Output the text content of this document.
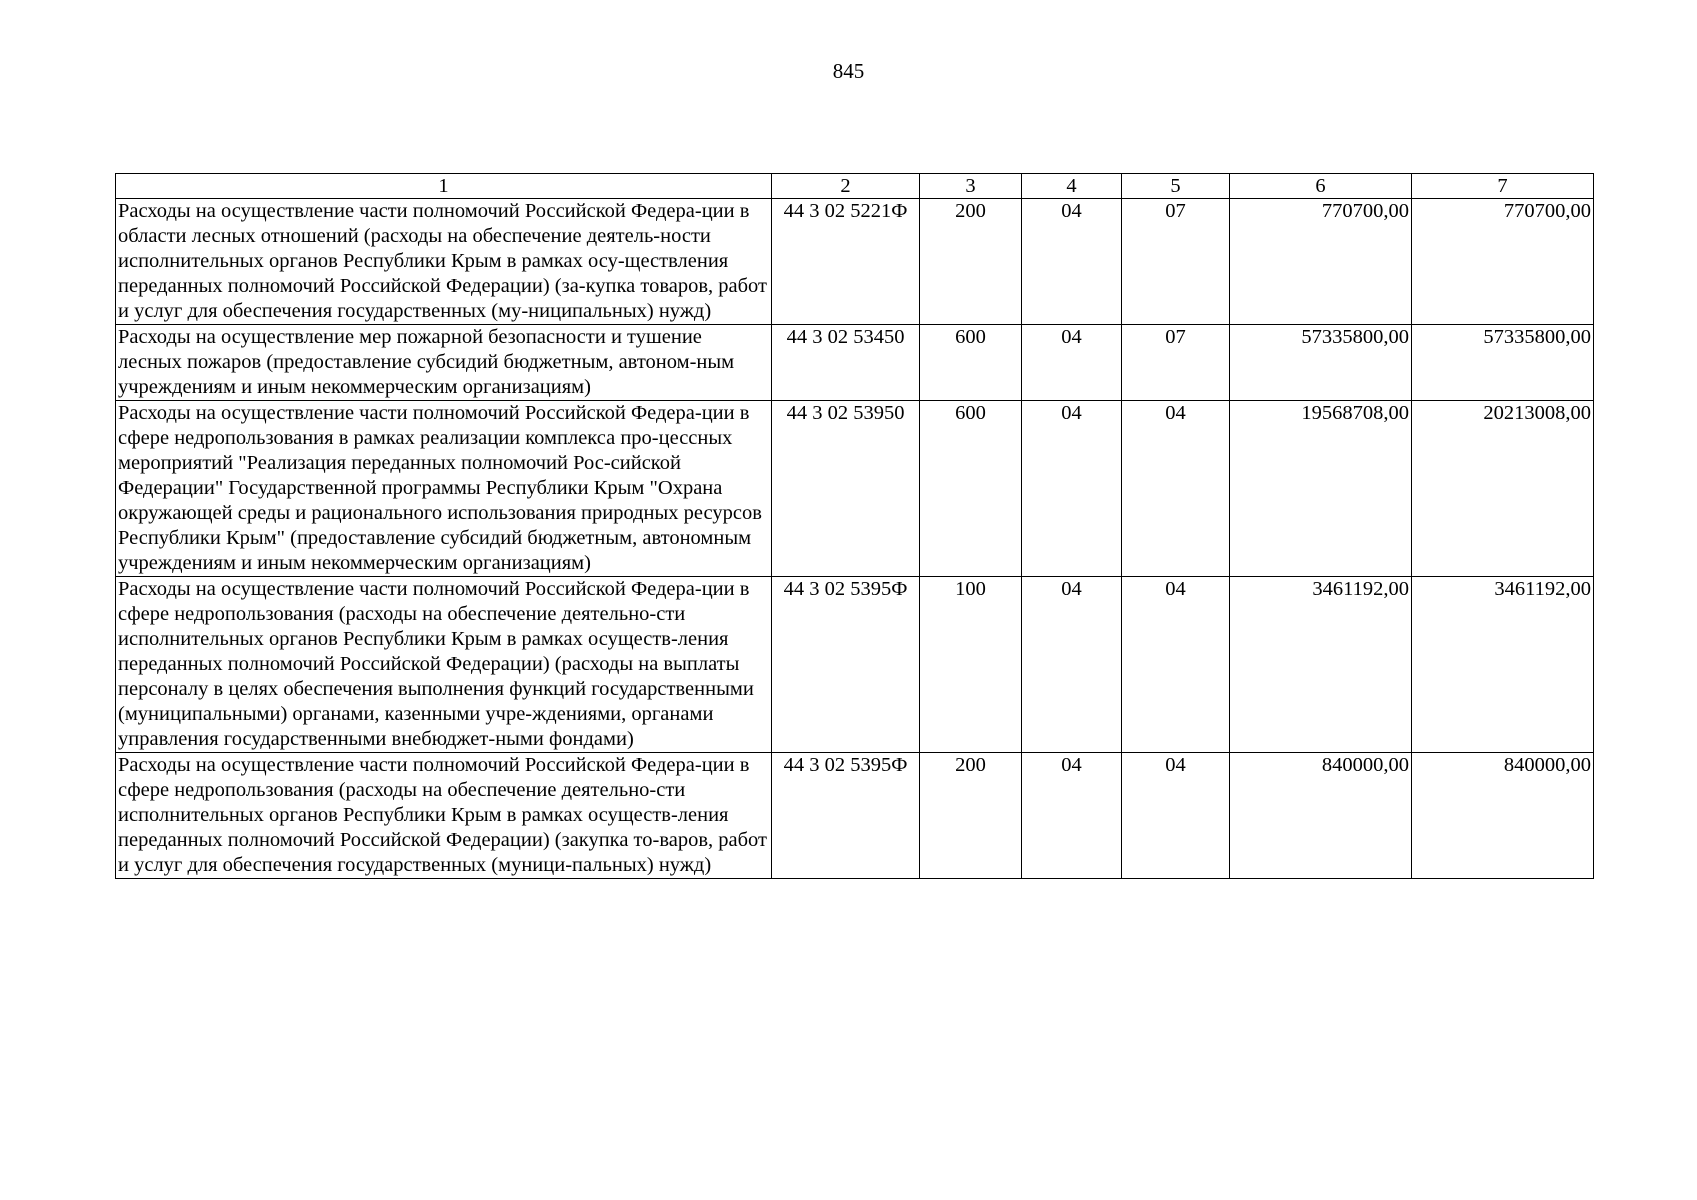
845
1	2	3	4	5	6	7
Расходы на осуществление части полномочий Российской Федера-ции в области лесных отношений (расходы на обеспечение деятель-ности исполнительных органов Республики Крым в рамках осу-ществления переданных полномочий Российской Федерации) (за-купка товаров, работ и услуг для обеспечения государственных (му-ниципальных) нужд)	44 3 02 5221Ф	200	04	07	770700,00	770700,00
Расходы на осуществление мер пожарной безопасности и тушение лесных пожаров (предоставление субсидий бюджетным, автоном-ным учреждениям и иным некоммерческим организациям)	44 3 02 53450	600	04	07	57335800,00	57335800,00
Расходы на осуществление части полномочий Российской Федера-ции в сфере недропользования в рамках реализации комплекса про-цессных мероприятий "Реализация переданных полномочий Рос-сийской Федерации" Государственной программы Республики Крым "Охрана окружающей среды и рационального использования природных ресурсов Республики Крым" (предоставление субсидий бюджетным, автономным учреждениям и иным некоммерческим организациям)	44 3 02 53950	600	04	04	19568708,00	20213008,00
Расходы на осуществление части полномочий Российской Федера-ции в сфере недропользования (расходы на обеспечение деятельно-сти исполнительных органов Республики Крым в рамках осуществ-ления переданных полномочий Российской Федерации) (расходы на выплаты персоналу в целях обеспечения выполнения функций государственными (муниципальными) органами, казенными учре-ждениями, органами управления государственными внебюджет-ными фондами)	44 3 02 5395Ф	100	04	04	3461192,00	3461192,00
Расходы на осуществление части полномочий Российской Федера-ции в сфере недропользования (расходы на обеспечение деятельно-сти исполнительных органов Республики Крым в рамках осуществ-ления переданных полномочий Российской Федерации) (закупка то-варов, работ и услуг для обеспечения государственных (муници-пальных) нужд)	44 3 02 5395Ф	200	04	04	840000,00	840000,00
